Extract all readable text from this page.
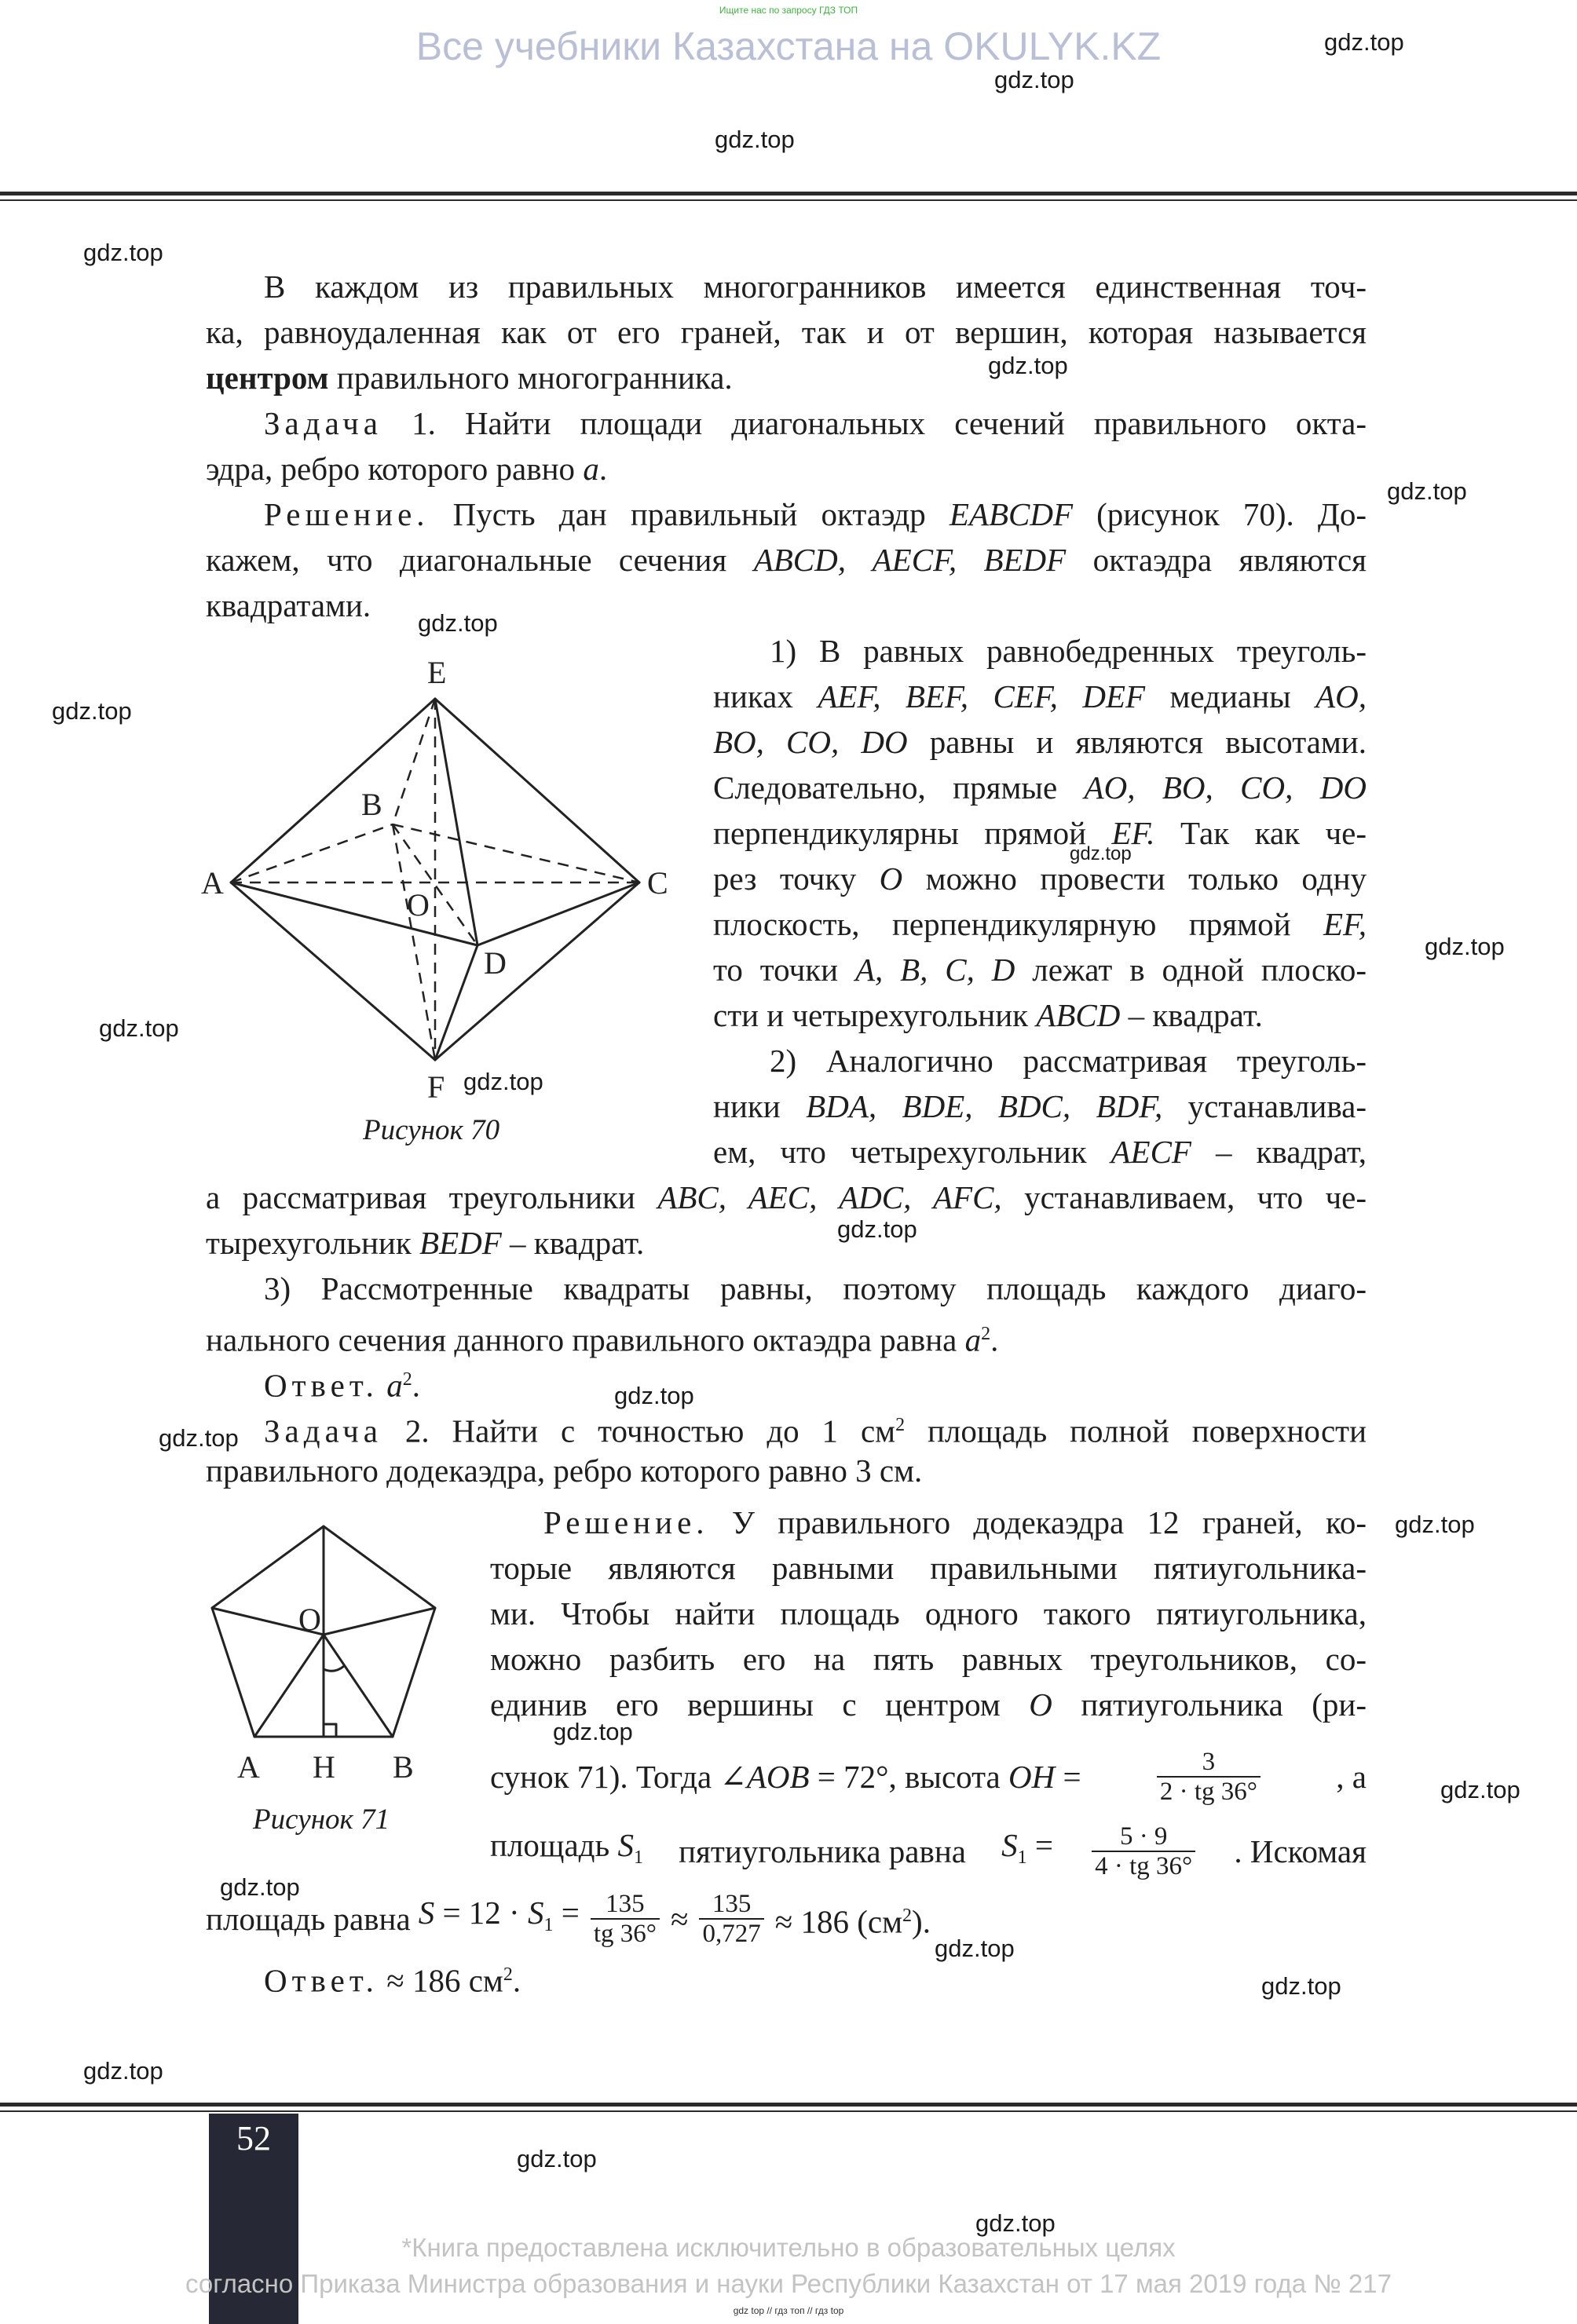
Ищите нас по запросу ГДЗ ТОП
Все учебники Казахстана на OKULYK.KZ	gdz.top
gdz.top
gdz.top
gdz.top
gdz.top
gdz.top
gdz.top
gdz.top
gdz.top
gdz.top
gdz.top
gdz.top
gdz.top
gdz.top
gdz.top
gdz.top
gdz.top
gdz.top
gdz.top
gdz.top
gdz.top
gdz.top
gdz.top
gdz.top
В каждом из правильных многогранников имеется единственная точ-
ка, равноудаленная как от его граней, так и от вершин, которая называется
центром правильного многогранника.
Задача 1. Найти площади диагональных сечений правильного окта-
эдра, ребро которого равно a.
Решение. Пусть дан правильный октаэдр EABCDF (рисунок 70). До-
кажем, что диагональные сечения ABCD, AECF, BEDF октаэдра являются
квадратами.
E
B
A
O
C
D
F
Рисунок 70
1) В равных равнобедренных треуголь-
никах AEF, BEF, CEF, DEF медианы AO,
BO, CO, DO равны и являются высотами.
Следовательно, прямые AO, BO, CO, DO
перпендикулярны прямой EF. Так как че-
рез точку O можно провести только одну
плоскость, перпендикулярную прямой EF,
то точки A, B, C, D лежат в одной плоско-
сти и четырехугольник ABCD – квадрат.
2) Аналогично рассматривая треуголь-
ники BDA, BDE, BDC, BDF, устанавлива-
ем, что четырехугольник AECF – квадрат,
а рассматривая треугольники ABC, AEC, ADC, AFC, устанавливаем, что че-
тырехугольник BEDF – квадрат.
3) Рассмотренные квадраты равны, поэтому площадь каждого диаго-
нального сечения данного правильного октаэдра равна $a^2$.
Ответ. $a^2$.
Задача 2. Найти с точностью до 1 $см^2$ площадь полной поверхности
правильного додекаэдра, ребро которого равно 3 см.
O
A H B
Рисунок 71
Решение. У правильного додекаэдра 12 граней, ко-
торые являются равными правильными пятиугольника-
ми. Чтобы найти площадь одного такого пятиугольника,
можно разбить его на пять равных треугольников, со-
единив его вершины с центром O пятиугольника (ри-
сунок 71). Тогда ∠AOB = 72°, высота OH =	$\frac{3}{2 \cdot tg 36^\circ}$ , а
площадь $S_1$ пятиугольника равна $S_1 = \frac{5 \cdot 9}{4 \cdot tg 36^\circ}$ . Искомая
площадь равна $S = 12 \cdot S_1 = \frac{135}{tg 36^\circ} \approx \frac{135}{0,727} \approx 186$ $(см^2)$.
Ответ. ≈ 186 $см^2$.
52
*Книга предоставлена исключительно в образовательных целях
согласно Приказа Министра образования и науки Республики Казахстан от 17 мая 2019 года № 217
gdz top // гдз топ // гдз top
